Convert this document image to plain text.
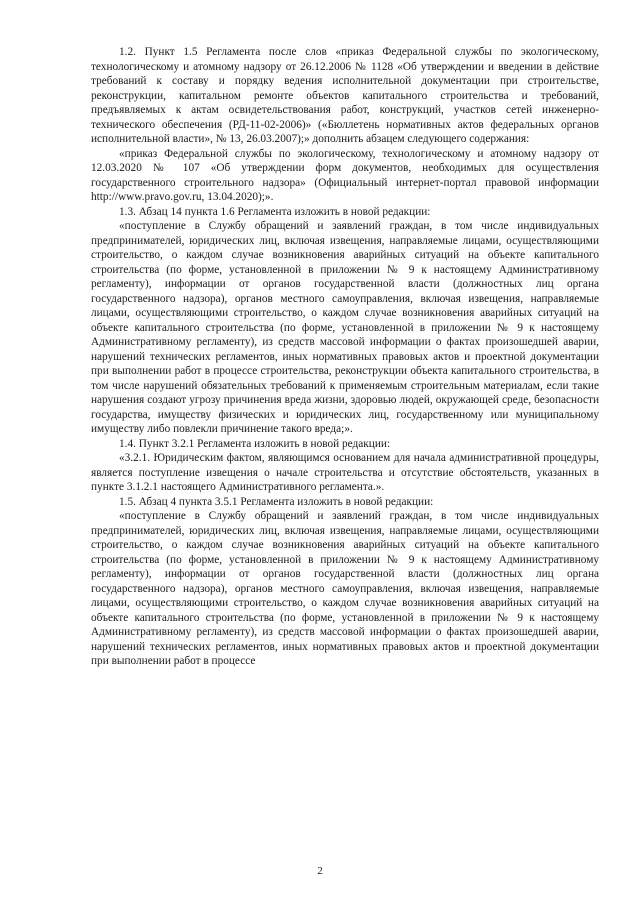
1.2. Пункт 1.5 Регламента после слов «приказ Федеральной службы по экологическому, технологическому и атомному надзору от 26.12.2006 № 1128 «Об утверждении и введении в действие требований к составу и порядку ведения исполнительной документации при строительстве, реконструкции, капитальном ремонте объектов капитального строительства и требований, предъявляемых к актам освидетельствования работ, конструкций, участков сетей инженерно-технического обеспечения (РД-11-02-2006)» («Бюллетень нормативных актов федеральных органов исполнительной власти», № 13, 26.03.2007);» дополнить абзацем следующего содержания:

«приказ Федеральной службы по экологическому, технологическому и атомному надзору от 12.03.2020 № 107 «Об утверждении форм документов, необходимых для осуществления государственного строительного надзора» (Официальный интернет-портал правовой информации http://www.pravo.gov.ru, 13.04.2020);».

1.3. Абзац 14 пункта 1.6 Регламента изложить в новой редакции:

«поступление в Службу обращений и заявлений граждан, в том числе индивидуальных предпринимателей, юридических лиц, включая извещения, направляемые лицами, осуществляющими строительство, о каждом случае возникновения аварийных ситуаций на объекте капитального строительства (по форме, установленной в приложении № 9 к настоящему Административному регламенту), информации от органов государственной власти (должностных лиц органа государственного надзора), органов местного самоуправления, включая извещения, направляемые лицами, осуществляющими строительство, о каждом случае возникновения аварийных ситуаций на объекте капитального строительства (по форме, установленной в приложении № 9 к настоящему Административному регламенту), из средств массовой информации о фактах произошедшей аварии, нарушений технических регламентов, иных нормативных правовых актов и проектной документации при выполнении работ в процессе строительства, реконструкции объекта капитального строительства, в том числе нарушений обязательных требований к применяемым строительным материалам, если такие нарушения создают угрозу причинения вреда жизни, здоровью людей, окружающей среде, безопасности государства, имуществу физических и юридических лиц, государственному или муниципальному имуществу либо повлекли причинение такого вреда;».

1.4. Пункт 3.2.1 Регламента изложить в новой редакции:

«3.2.1. Юридическим фактом, являющимся основанием для начала административной процедуры, является поступление извещения о начале строительства и отсутствие обстоятельств, указанных в пункте 3.1.2.1 настоящего Административного регламента.».

1.5. Абзац 4 пункта 3.5.1 Регламента изложить в новой редакции:

«поступление в Службу обращений и заявлений граждан, в том числе индивидуальных предпринимателей, юридических лиц, включая извещения, направляемые лицами, осуществляющими строительство, о каждом случае возникновения аварийных ситуаций на объекте капитального строительства (по форме, установленной в приложении № 9 к настоящему Административному регламенту), информации от органов государственной власти (должностных лиц органа государственного надзора), органов местного самоуправления, включая извещения, направляемые лицами, осуществляющими строительство, о каждом случае возникновения аварийных ситуаций на объекте капитального строительства (по форме, установленной в приложении № 9 к настоящему Административному регламенту), из средств массовой информации о фактах произошедшей аварии, нарушений технических регламентов, иных нормативных правовых актов и проектной документации при выполнении работ в процессе

2
